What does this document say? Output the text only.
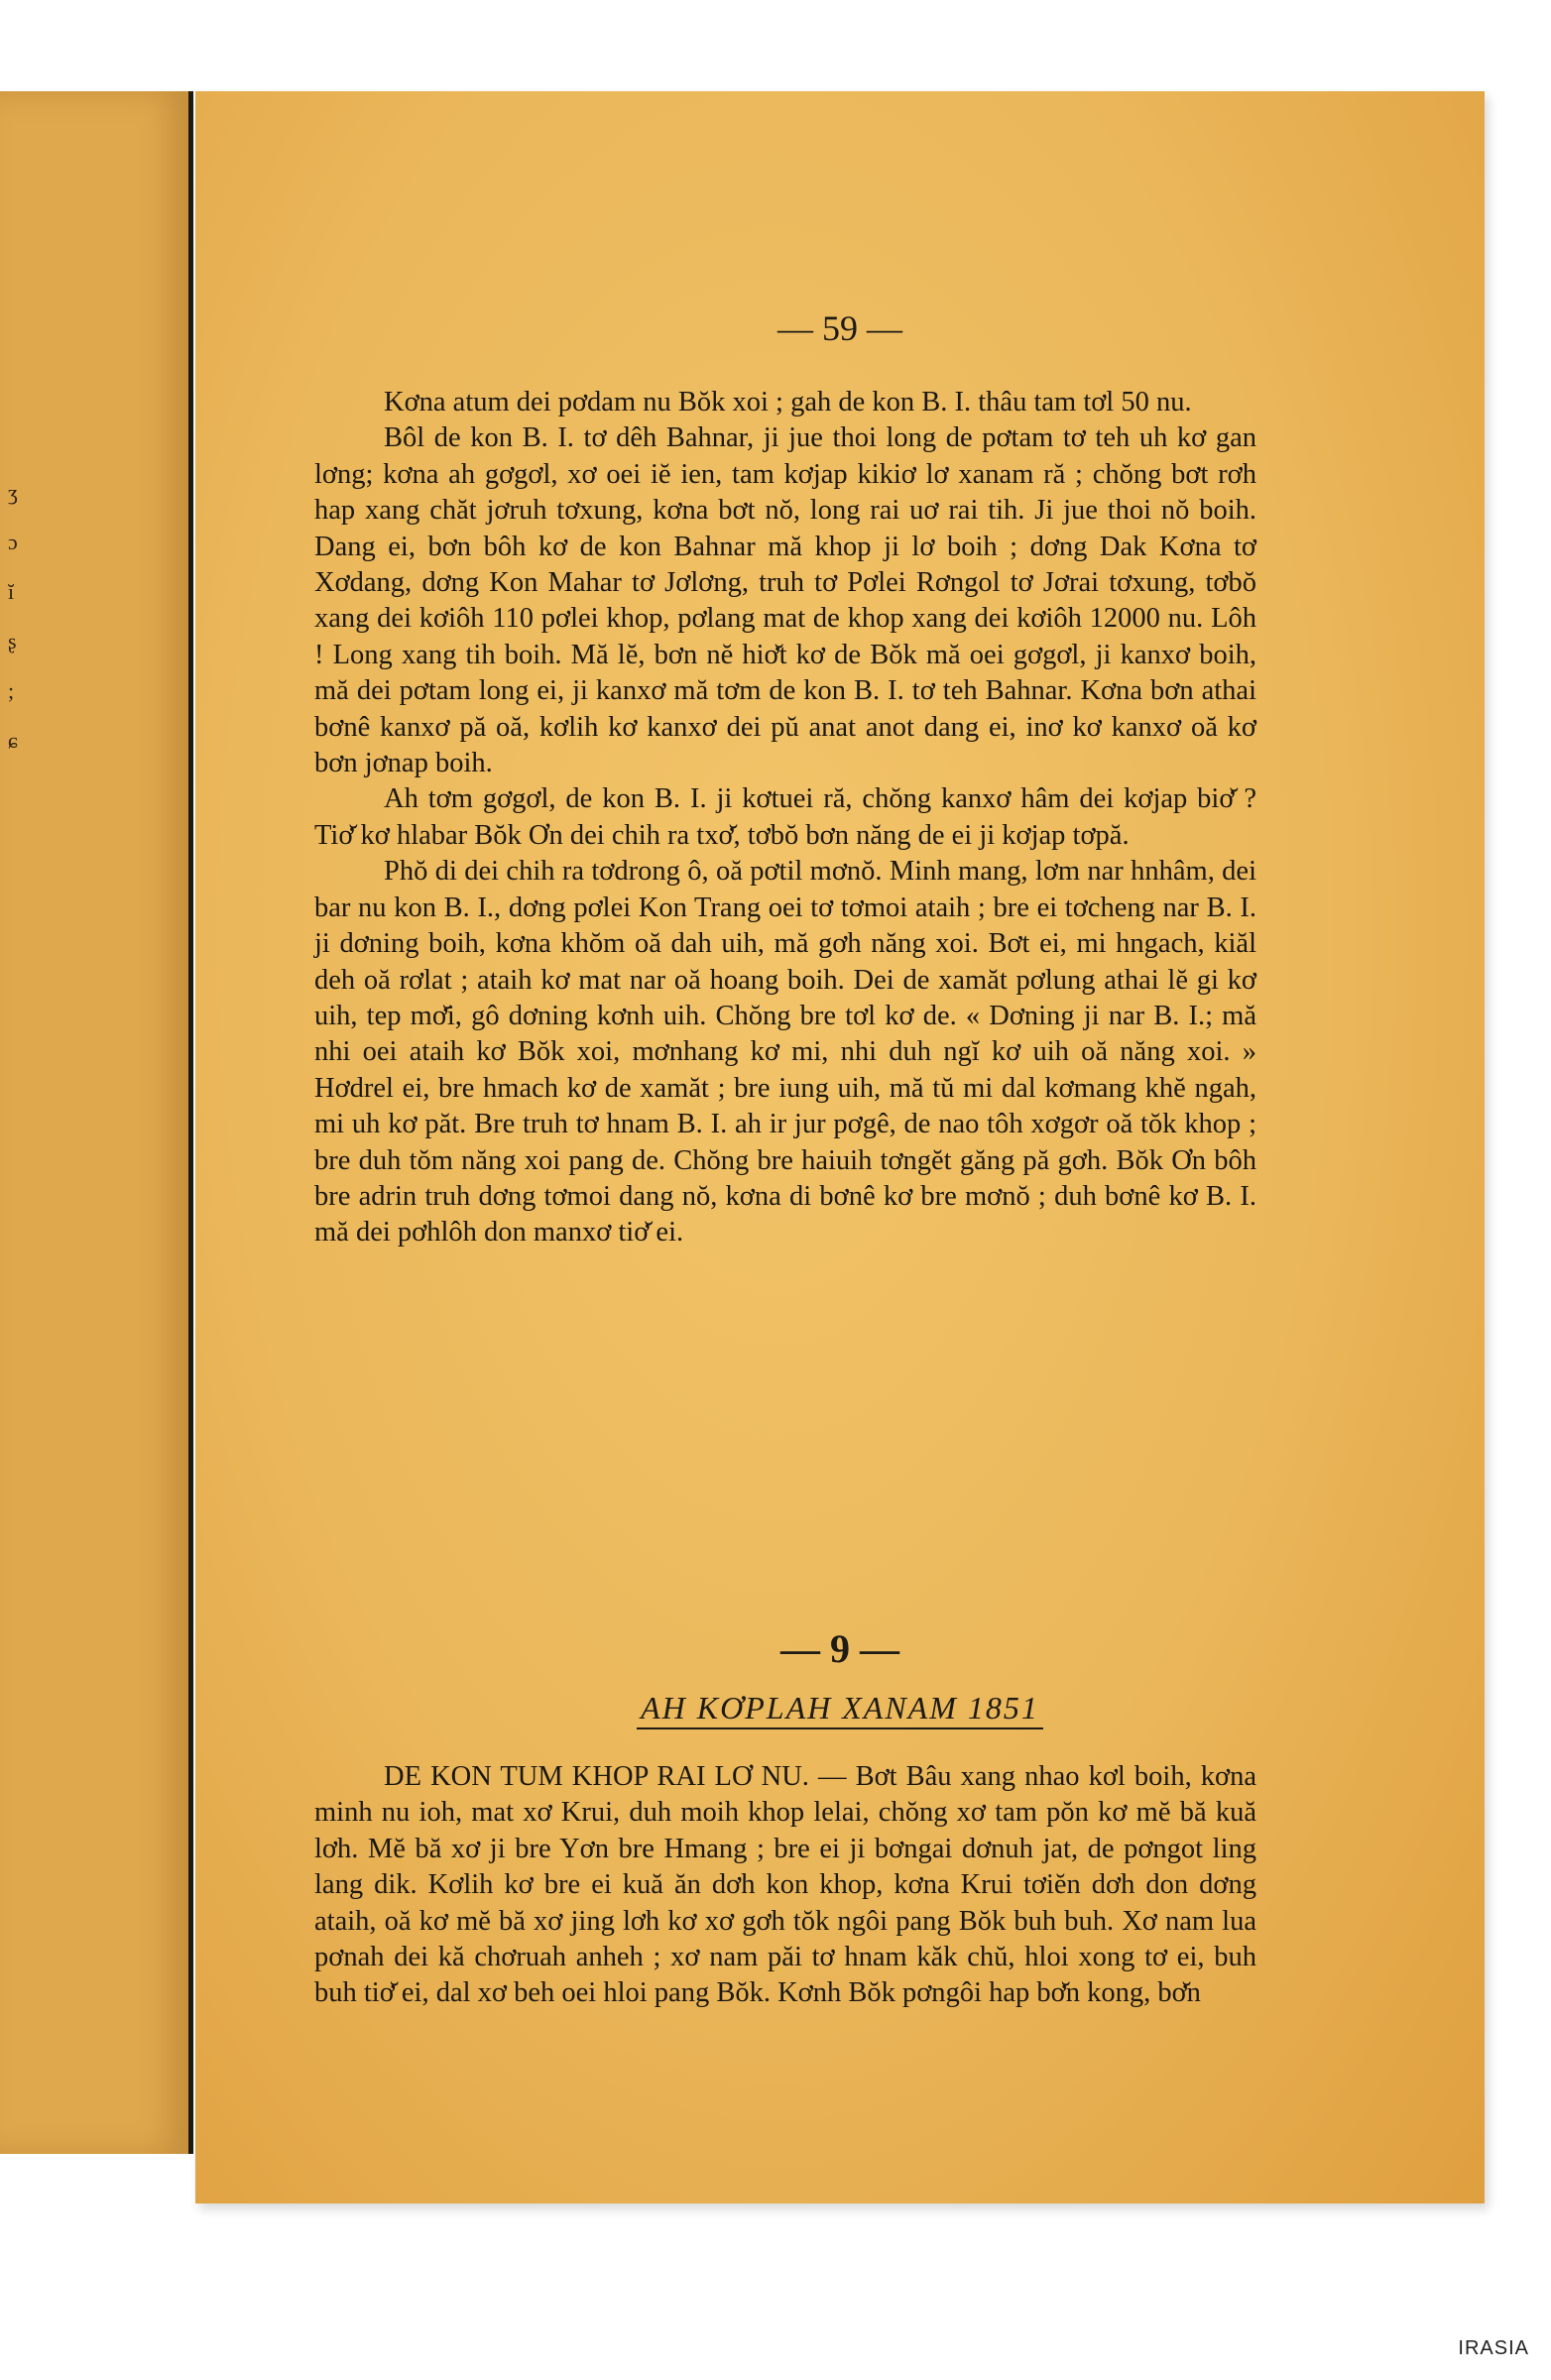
ʒ
ɔ
ĭ
ʂ
;
ɕ
— 59 —

Kơna atum dei pơdam nu Bŏk xoi ; gah de kon B. I. thâu tam tơl 50 nu.

Bôl de kon B. I. tơ dêh Bahnar, ji jue thoi long de pơtam tơ teh uh kơ gan lơng; kơna ah gơgơl, xơ oei iĕ ien, tam kơjap kikiơ lơ xanam ră ; chŏng bơt rơh hap xang chăt jơruh tơxung, kơna bơt nŏ, long rai uơ rai tih. Ji jue thoi nŏ boih. Dang ei, bơn bôh kơ de kon Bahnar mă khop ji lơ boih ; dơng Dak Kơna tơ Xơdang, dơng Kon Mahar tơ Jơlơng, truh tơ Pơlei Rơngol tơ Jơrai tơxung, tơbŏ xang dei kơiôh 110 pơlei khop, pơlang mat de khop xang dei kơiôh 12000 nu. Lôh ! Long xang tih boih. Mă lĕ, bơn nĕ hiơ̆t kơ de Bŏk mă oei gơgơl, ji kanxơ boih, mă dei pơtam long ei, ji kanxơ mă tơm de kon B. I. tơ teh Bahnar. Kơna bơn athai bơnê kanxơ pă oă, kơlih kơ kanxơ dei pŭ anat anot dang ei, inơ kơ kanxơ oă kơ bơn jơnap boih.

Ah tơm gơgơl, de kon B. I. ji kơtuei ră, chŏng kanxơ hâm dei kơjap biơ̆ ? Tiơ̆ kơ hlabar Bŏk Ơn dei chih ra txơ̆, tơbŏ bơn năng de ei ji kơjap tơpă.

Phŏ di dei chih ra tơdrong ô, oă pơtil mơnŏ. Minh mang, lơm nar hnhâm, dei bar nu kon B. I., dơng pơlei Kon Trang oei tơ tơmoi ataih ; bre ei tơcheng nar B. I. ji dơning boih, kơna khŏm oă dah uih, mă gơh năng xoi. Bơt ei, mi hngach, kiăl deh oă rơlat ; ataih kơ mat nar oă hoang boih. Dei de xamăt pơlung athai lĕ gi kơ uih, tep mơ̆i, gô dơning kơnh uih. Chŏng bre tơl kơ de. « Dơning ji nar B. I.; mă nhi oei ataih kơ Bŏk xoi, mơnhang kơ mi, nhi duh ngĭ kơ uih oă năng xoi. » Hơdrel ei, bre hmach kơ de xamăt ; bre iung uih, mă tŭ mi dal kơmang khĕ ngah, mi uh kơ păt. Bre truh tơ hnam B. I. ah ir jur pơgê, de nao tôh xơgơr oă tŏk khop ; bre duh tŏm năng xoi pang de. Chŏng bre haiuih tơngĕt găng pă gơh. Bŏk Ơn bôh bre adrin truh dơng tơmoi dang nŏ, kơna di bơnê kơ bre mơnŏ ; duh bơnê kơ B. I. mă dei pơhlôh don manxơ tiơ̆ ei.

— 9 —
AH KƠPLAH XANAM 1851

DE KON TUM KHOP RAI LƠ NU. — Bơt Bâu xang nhao kơl boih, kơna minh nu ioh, mat xơ Krui, duh moih khop lelai, chŏng xơ tam pŏn kơ mĕ bă kuă lơh. Mĕ bă xơ ji bre Yơn bre Hmang ; bre ei ji bơngai dơnuh jat, de pơngot ling lang dik. Kơlih kơ bre ei kuă ăn dơh kon khop, kơna Krui tơiĕn dơh don dơng ataih, oă kơ mĕ bă xơ jing lơh kơ xơ gơh tŏk ngôi pang Bŏk buh buh. Xơ nam lua pơnah dei kă chơruah anheh ; xơ nam păi tơ hnam kăk chŭ, hloi xong tơ ei, buh buh tiơ̆ ei, dal xơ beh oei hloi pang Bŏk. Kơnh Bŏk pơngôi hap bơ̆n kong, bơ̆n

IRASIA
